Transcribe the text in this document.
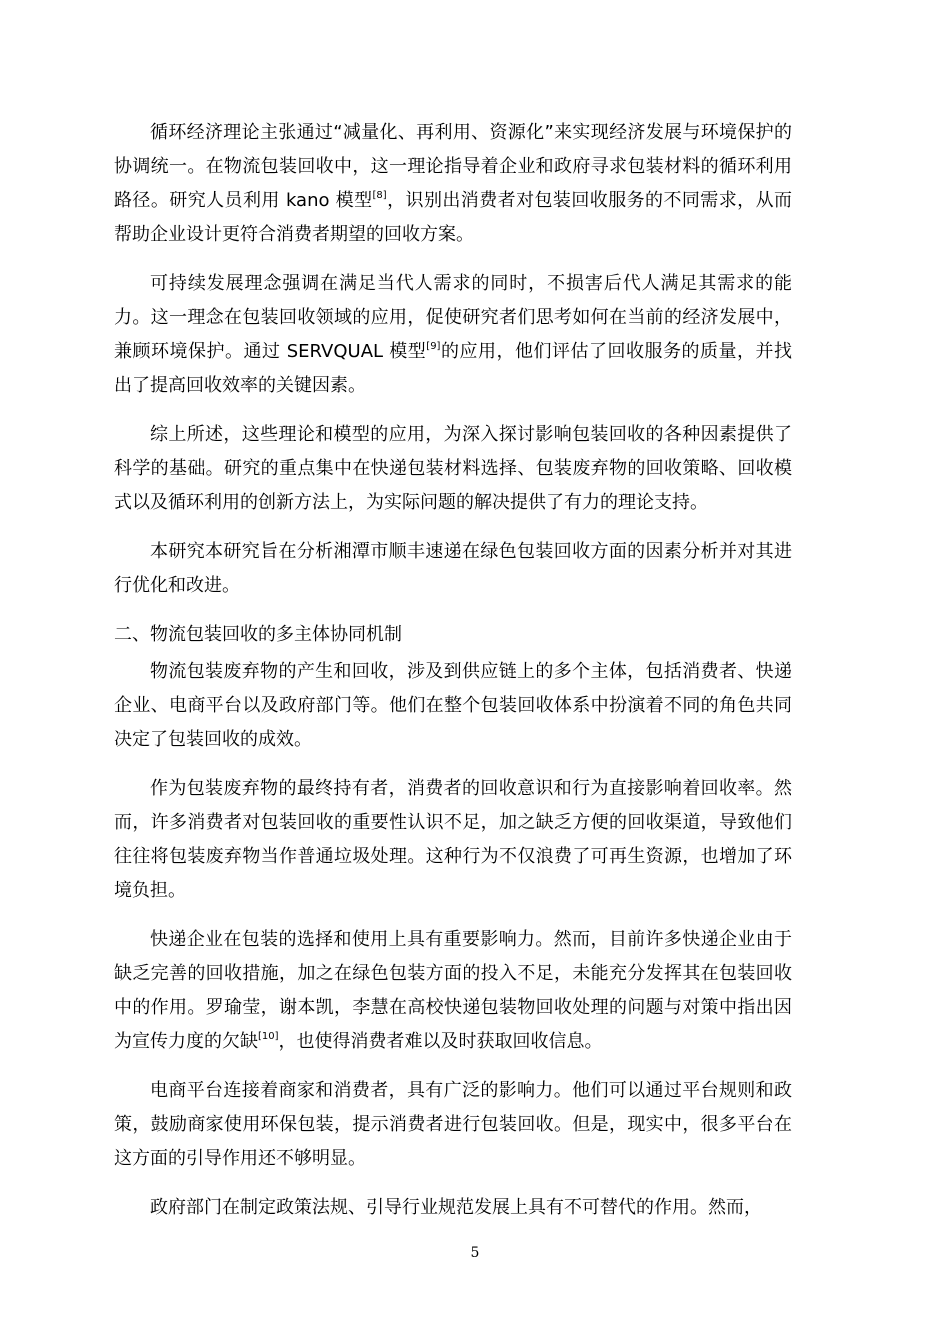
循环经济理论主张通过“减量化、再利用、资源化”来实现经济发展与环境保护的协调统一。在物流包装回收中，这一理论指导着企业和政府寻求包装材料的循环利用路径。研究人员利用 kano 模型[8]，识别出消费者对包装回收服务的不同需求，从而帮助企业设计更符合消费者期望的回收方案。

可持续发展理念强调在满足当代人需求的同时，不损害后代人满足其需求的能力。这一理念在包装回收领域的应用，促使研究者们思考如何在当前的经济发展中，兼顾环境保护。通过 SERVQUAL 模型[9]的应用，他们评估了回收服务的质量，并找出了提高回收效率的关键因素。

综上所述，这些理论和模型的应用，为深入探讨影响包装回收的各种因素提供了科学的基础。研究的重点集中在快递包装材料选择、包装废弃物的回收策略、回收模式以及循环利用的创新方法上，为实际问题的解决提供了有力的理论支持。

本研究本研究旨在分析湘潭市顺丰速递在绿色包装回收方面的因素分析并对其进行优化和改进。

二、物流包装回收的多主体协同机制

物流包装废弃物的产生和回收，涉及到供应链上的多个主体，包括消费者、快递企业、电商平台以及政府部门等。他们在整个包装回收体系中扮演着不同的角色共同决定了包装回收的成效。

作为包装废弃物的最终持有者，消费者的回收意识和行为直接影响着回收率。然而，许多消费者对包装回收的重要性认识不足，加之缺乏方便的回收渠道，导致他们往往将包装废弃物当作普通垃圾处理。这种行为不仅浪费了可再生资源，也增加了环境负担。

快递企业在包装的选择和使用上具有重要影响力。然而，目前许多快递企业由于缺乏完善的回收措施，加之在绿色包装方面的投入不足，未能充分发挥其在包装回收中的作用。罗瑜莹，谢本凯，李慧在高校快递包装物回收处理的问题与对策中指出因为宣传力度的欠缺[10]，也使得消费者难以及时获取回收信息。

电商平台连接着商家和消费者，具有广泛的影响力。他们可以通过平台规则和政策，鼓励商家使用环保包装，提示消费者进行包装回收。但是，现实中，很多平台在这方面的引导作用还不够明显。

政府部门在制定政策法规、引导行业规范发展上具有不可替代的作用。然而，

5
